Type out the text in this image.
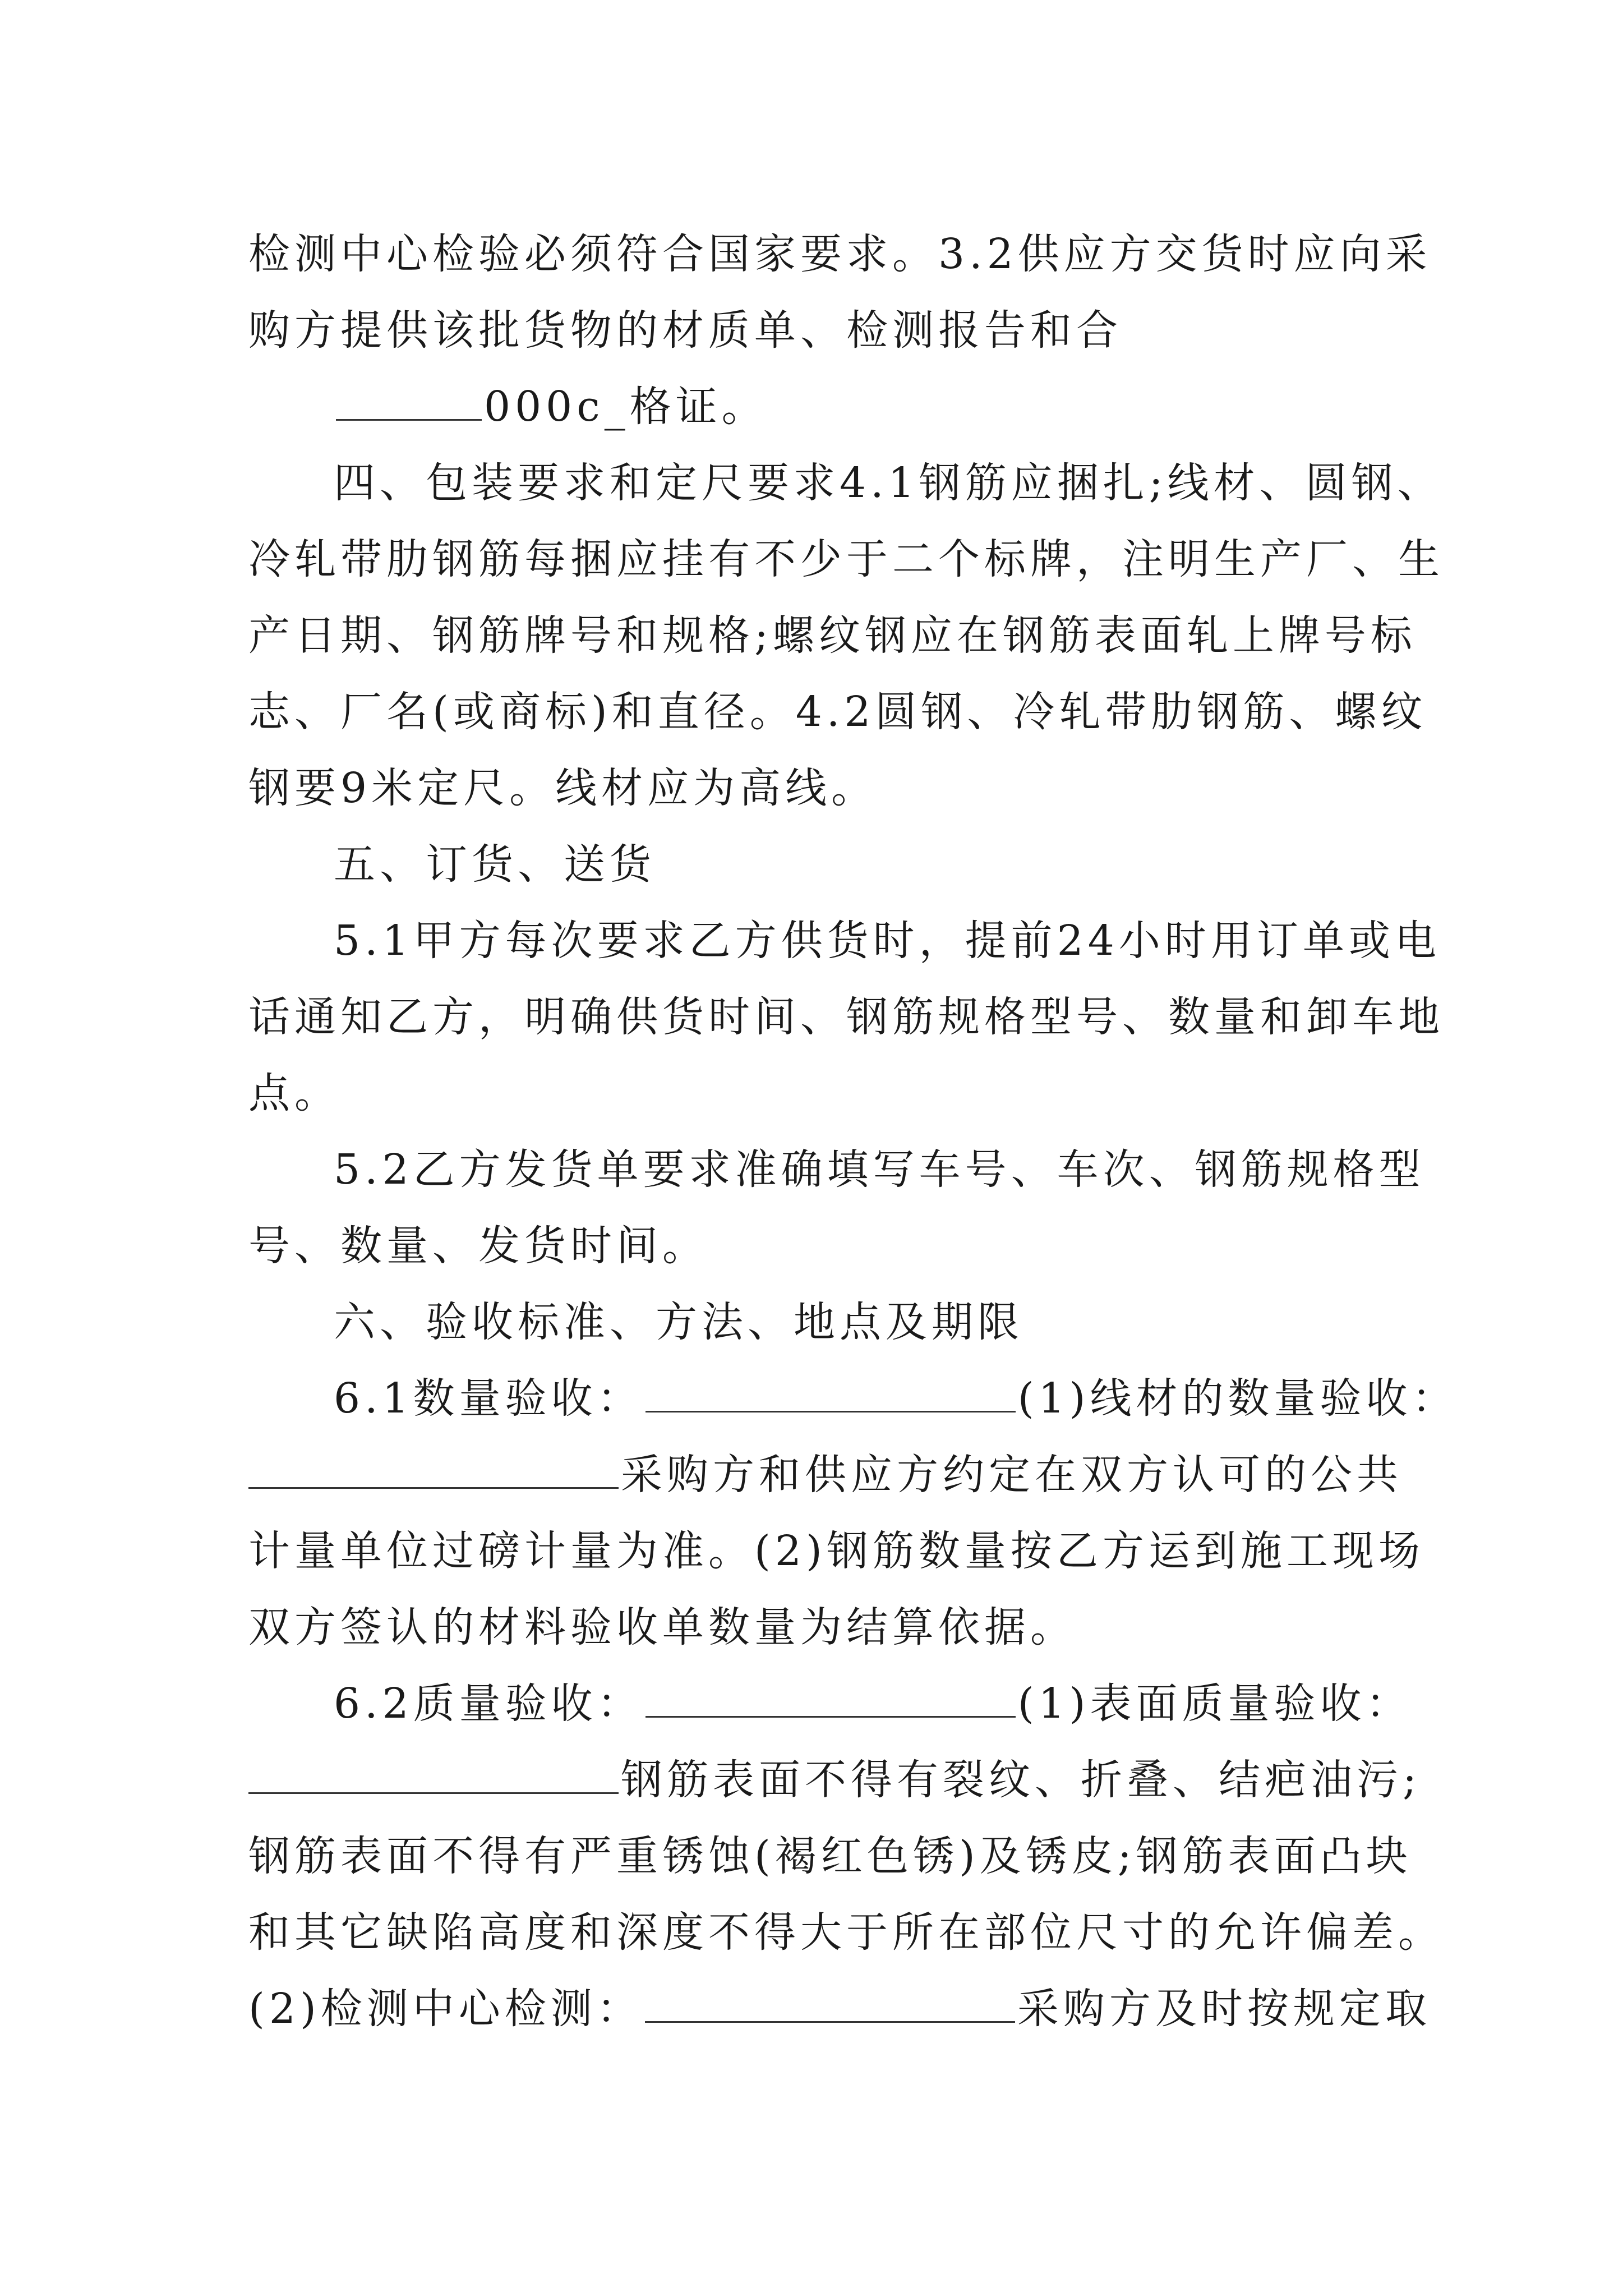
检测中心检验必须符合国家要求。3.2供应方交货时应向采
购方提供该批货物的材质单、检测报告和合
000c_格证。
四、包装要求和定尺要求4.1钢筋应捆扎;线材、圆钢、
冷轧带肋钢筋每捆应挂有不少于二个标牌，注明生产厂、生
产日期、钢筋牌号和规格;螺纹钢应在钢筋表面轧上牌号标
志、厂名(或商标)和直径。4.2圆钢、冷轧带肋钢筋、螺纹
钢要9米定尺。线材应为高线。
五、订货、送货
5.1甲方每次要求乙方供货时，提前24小时用订单或电
话通知乙方，明确供货时间、钢筋规格型号、数量和卸车地
点。
5.2乙方发货单要求准确填写车号、车次、钢筋规格型
号、数量、发货时间。
六、验收标准、方法、地点及期限
6.1数量验收：	(1)线材的数量验收：
采购方和供应方约定在双方认可的公共
计量单位过磅计量为准。(2)钢筋数量按乙方运到施工现场
双方签认的材料验收单数量为结算依据。
6.2质量验收：	(1)表面质量验收：
钢筋表面不得有裂纹、折叠、结疤油污;
钢筋表面不得有严重锈蚀(褐红色锈)及锈皮;钢筋表面凸块
和其它缺陷高度和深度不得大于所在部位尺寸的允许偏差。
(2)检测中心检测：	采购方及时按规定取
